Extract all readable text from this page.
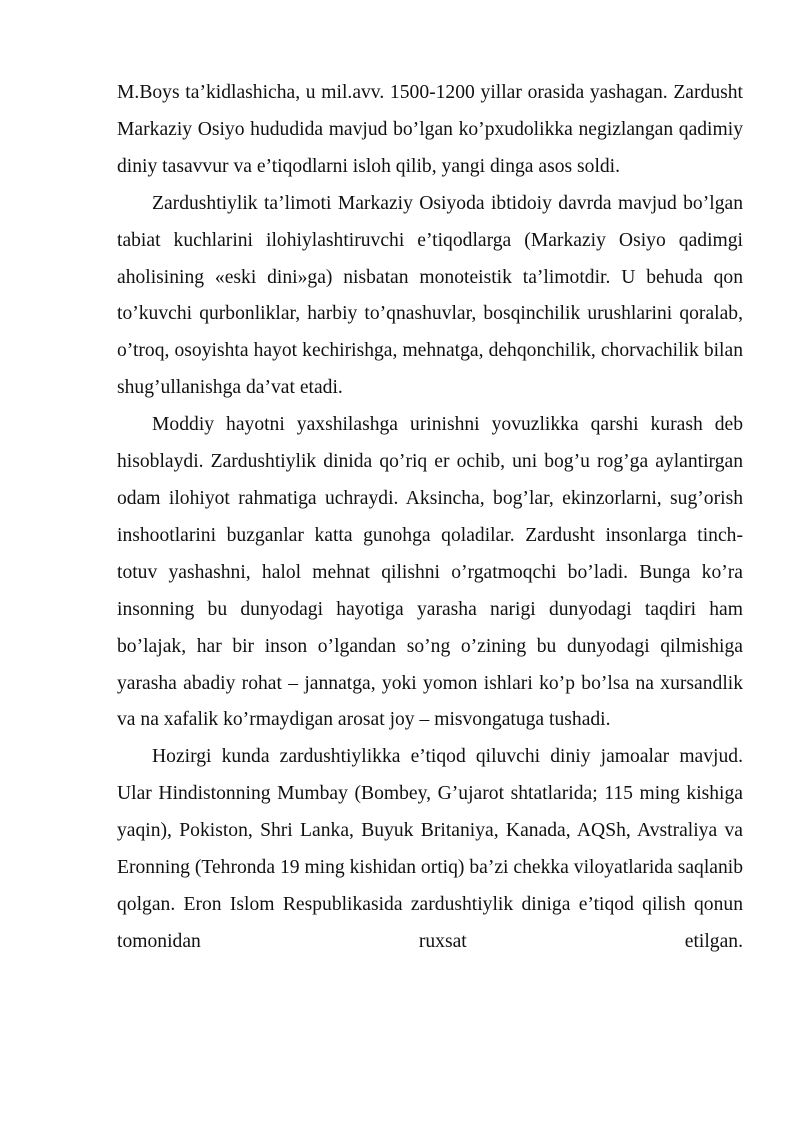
M.Boys ta’kidlashicha, u mil.avv. 1500-1200 yillar orasida yashagan. Zardusht Markaziy Osiyo hududida mavjud bo’lgan ko’pxudolikka negizlangan qadimiy diniy tasavvur va e’tiqodlarni isloh qilib, yangi dinga asos soldi.

Zardushtiylik ta’limoti Markaziy Osiyoda ibtidoiy davrda mavjud bo’lgan tabiat kuchlarini ilohiylashtiruvchi e’tiqodlarga (Markaziy Osiyo qadimgi aholisining «eski dini»ga) nisbatan monoteistik ta’limotdir. U behuda qon to’kuvchi qurbonliklar, harbiy to’qnashuvlar, bosqinchilik urushlarini qoralab, o’troq, osoyishta hayot kechirishga, mehnatga, dehqonchilik, chorvachilik bilan shug’ullanishga da’vat etadi.

Moddiy hayotni yaxshilashga urinishni yovuzlikka qarshi kurash deb hisoblaydi. Zardushtiylik dinida qo’riq er ochib, uni bog’u rog’ga aylantirgan odam ilohiyot rahmatiga uchraydi. Aksincha, bog’lar, ekinzorlarni, sug’orish inshootlarini buzganlar katta gunohga qoladilar. Zardusht insonlarga tinch-totuv yashashni, halol mehnat qilishni o’rgatmoqchi bo’ladi. Bunga ko’ra insonning bu dunyodagi hayotiga yarasha narigi dunyodagi taqdiri ham bo’lajak, har bir inson o’lgandan so’ng o’zining bu dunyodagi qilmishiga yarasha abadiy rohat – jannatga, yoki yomon ishlari ko’p bo’lsa na xursandlik va na xafalik ko’rmaydigan arosat joy – misvongatuga tushadi.

Hozirgi kunda zardushtiylikka e’tiqod qiluvchi diniy jamoalar mavjud. Ular Hindistonning Mumbay (Bombey, G’ujarot shtatlarida; 115 ming kishiga yaqin), Pokiston, Shri Lanka, Buyuk Britaniya, Kanada, AQSh, Avstraliya va Eronning (Tehronda 19 ming kishidan ortiq) ba’zi chekka viloyatlarida saqlanib qolgan. Eron Islom Respublikasida zardushtiylik diniga e’tiqod qilish qonun tomonidan ruxsat etilgan.
